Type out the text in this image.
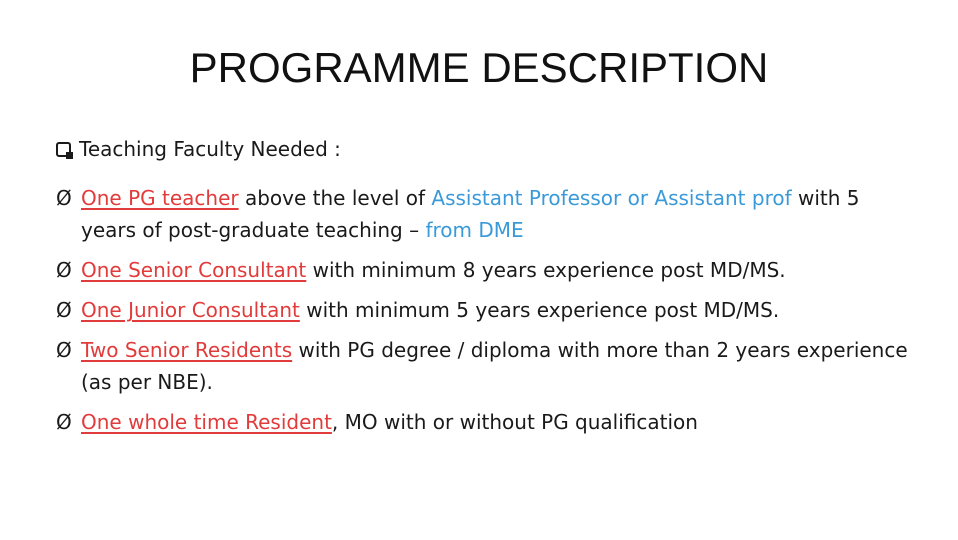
PROGRAMME DESCRIPTION
Teaching Faculty Needed :
Ø One PG teacher above the level of Assistant Professor or Assistant prof with 5 years of post-graduate teaching – from DME
Ø One Senior Consultant with minimum 8 years experience post MD/MS.
Ø One Junior Consultant with minimum 5 years experience post MD/MS.
Ø Two Senior Residents with PG degree / diploma with more than 2 years experience (as per NBE).
Ø One whole time Resident, MO with or without PG qualification
